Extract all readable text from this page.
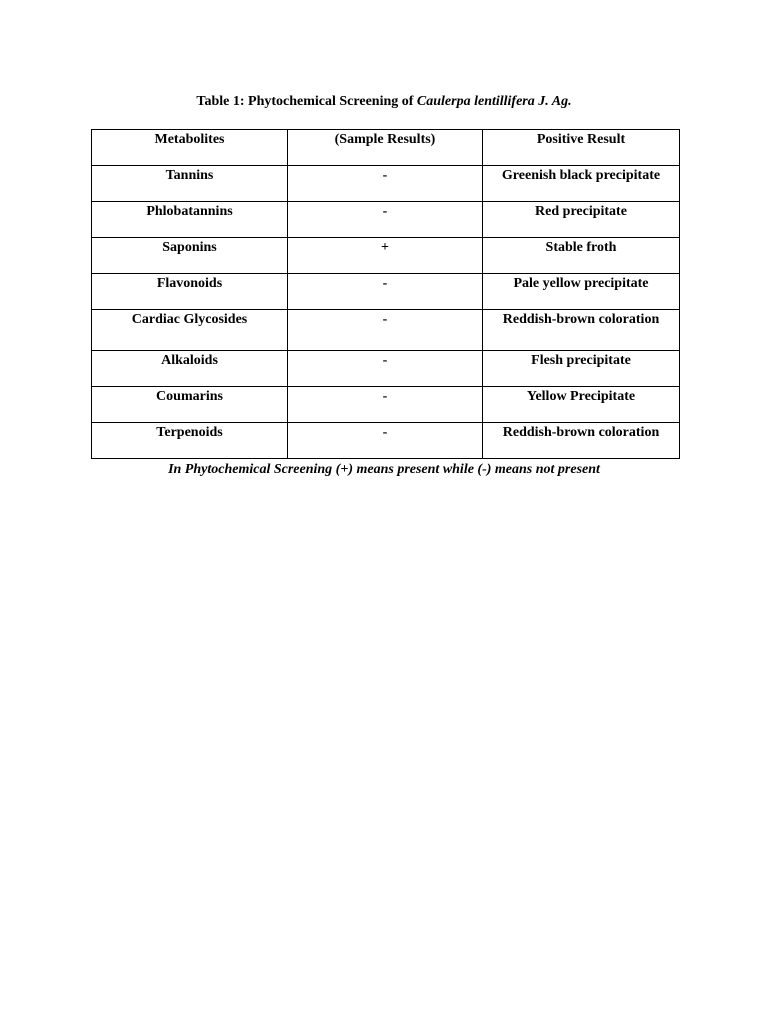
Table 1: Phytochemical Screening of Caulerpa lentillifera J. Ag.
Metabolites	(Sample Results)	Positive Result
Tannins	-	Greenish black precipitate
Phlobatannins	-	Red precipitate
Saponins	+	Stable froth
Flavonoids	-	Pale yellow precipitate
Cardiac Glycosides	-	Reddish-brown coloration
Alkaloids	-	Flesh precipitate
Coumarins	-	Yellow Precipitate
Terpenoids	-	Reddish-brown coloration
In Phytochemical Screening (+) means present while (-) means not present
